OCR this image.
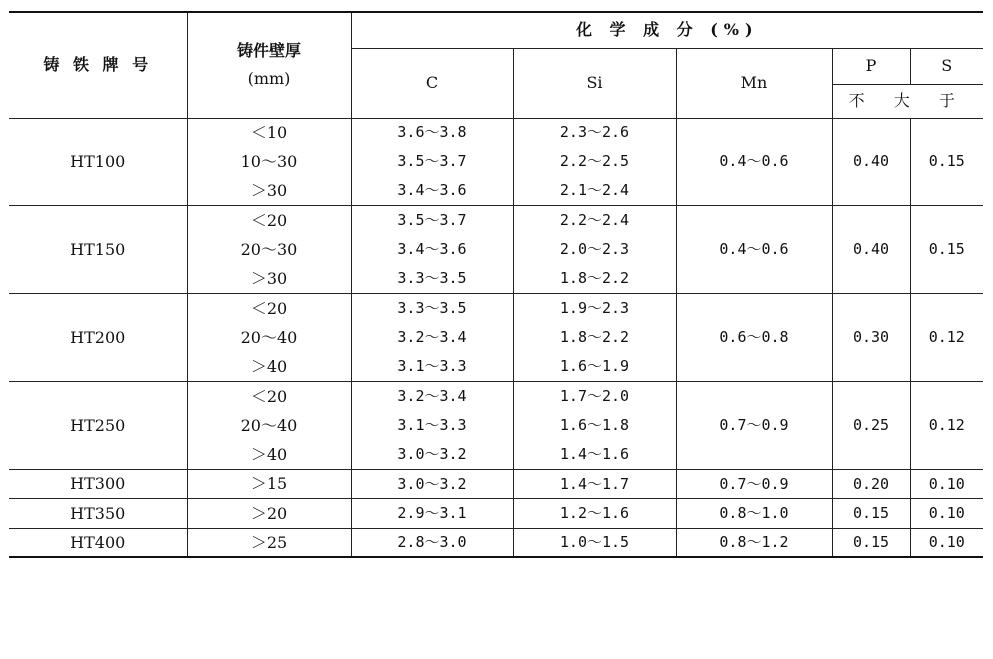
铸 铁 牌 号	铸件壁厚
(mm)	化 学 成 分 (%)				
		C	Si	Mn	P	S
					不 大 于	
HT100	＜10	3.6～3.8	2.3～2.6	0.4～0.6	0.40	0.15
	10～30	3.5～3.7	2.2～2.5			
	＞30	3.4～3.6	2.1～2.4			
HT150	＜20	3.5～3.7	2.2～2.4	0.4～0.6	0.40	0.15
	20～30	3.4～3.6	2.0～2.3			
	＞30	3.3～3.5	1.8～2.2			
HT200	＜20	3.3～3.5	1.9～2.3	0.6～0.8	0.30	0.12
	20～40	3.2～3.4	1.8～2.2			
	＞40	3.1～3.3	1.6～1.9			
HT250	＜20	3.2～3.4	1.7～2.0	0.7～0.9	0.25	0.12
	20～40	3.1～3.3	1.6～1.8			
	＞40	3.0～3.2	1.4～1.6			
HT300	＞15	3.0～3.2	1.4～1.7	0.7～0.9	0.20	0.10
HT350	＞20	2.9～3.1	1.2～1.6	0.8～1.0	0.15	0.10
HT400	＞25	2.8～3.0	1.0～1.5	0.8～1.2	0.15	0.10
